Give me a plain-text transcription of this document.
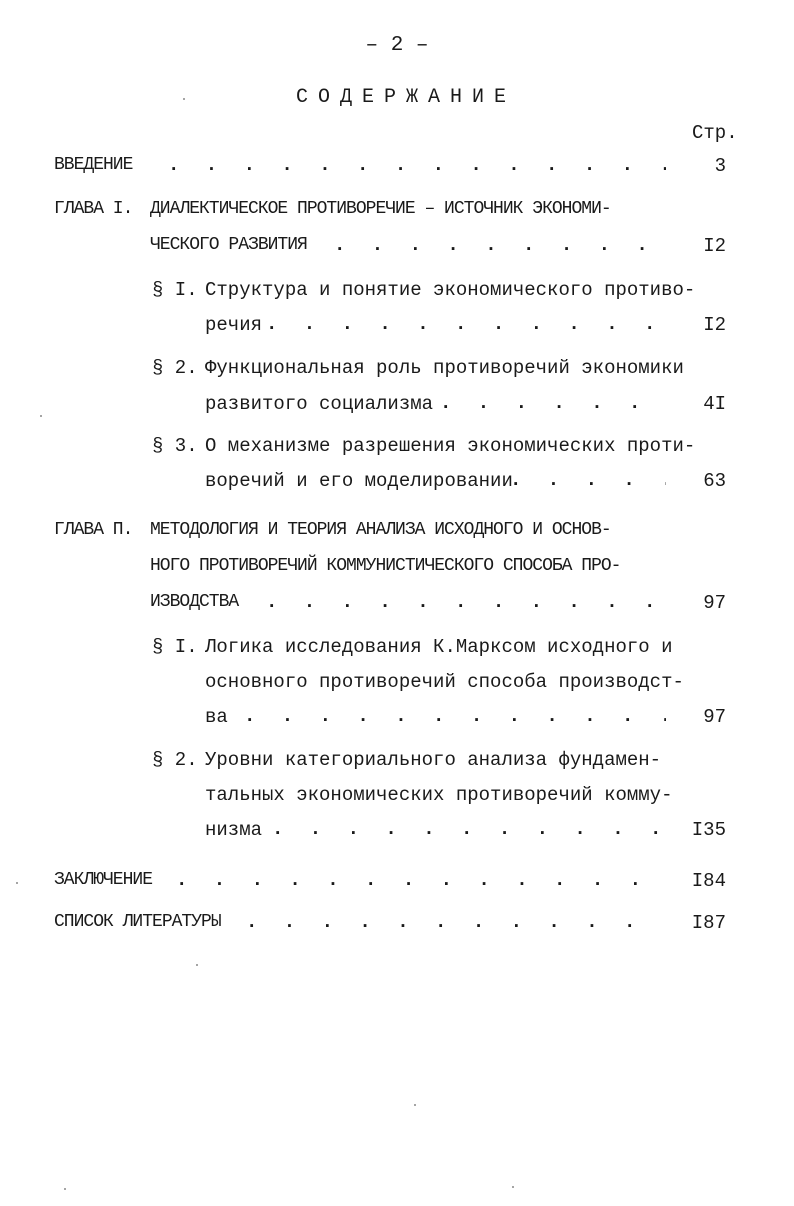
– 2 –
СОДЕРЖАНИЕ
Стр.
ВВЕДЕНИЕ . . .	3
ГЛАВА I. ДИАЛЕКТИЧЕСКОЕ ПРОТИВОРЕЧИЕ – ИСТОЧНИК ЭКОНОМИ-
ЧЕСКОГО РАЗВИТИЯ . . .	I2
§ I. Структура и понятие экономического противо-
речия . . .	I2
§ 2. Функциональная роль противоречий экономики
развитого социализма . . .	4I
§ 3. О механизме разрешения экономических проти-
воречий и его моделировании . . .	63
ГЛАВА П. МЕТОДОЛОГИЯ И ТЕОРИЯ АНАЛИЗА ИСХОДНОГО И ОСНОВ-
НОГО ПРОТИВОРЕЧИЙ КОММУНИСТИЧЕСКОГО СПОСОБА ПРО-
ИЗВОДСТВА . . .	97
§ I. Логика исследования К.Марксом исходного и
основного противоречий способа производст-
ва . . .	97
§ 2. Уровни категориального анализа фундамен-
тальных экономических противоречий комму-
низма . . .	I35
ЗАКЛЮЧЕНИЕ . . .	I84
СПИСОК ЛИТЕРАТУРЫ . . .	I87
